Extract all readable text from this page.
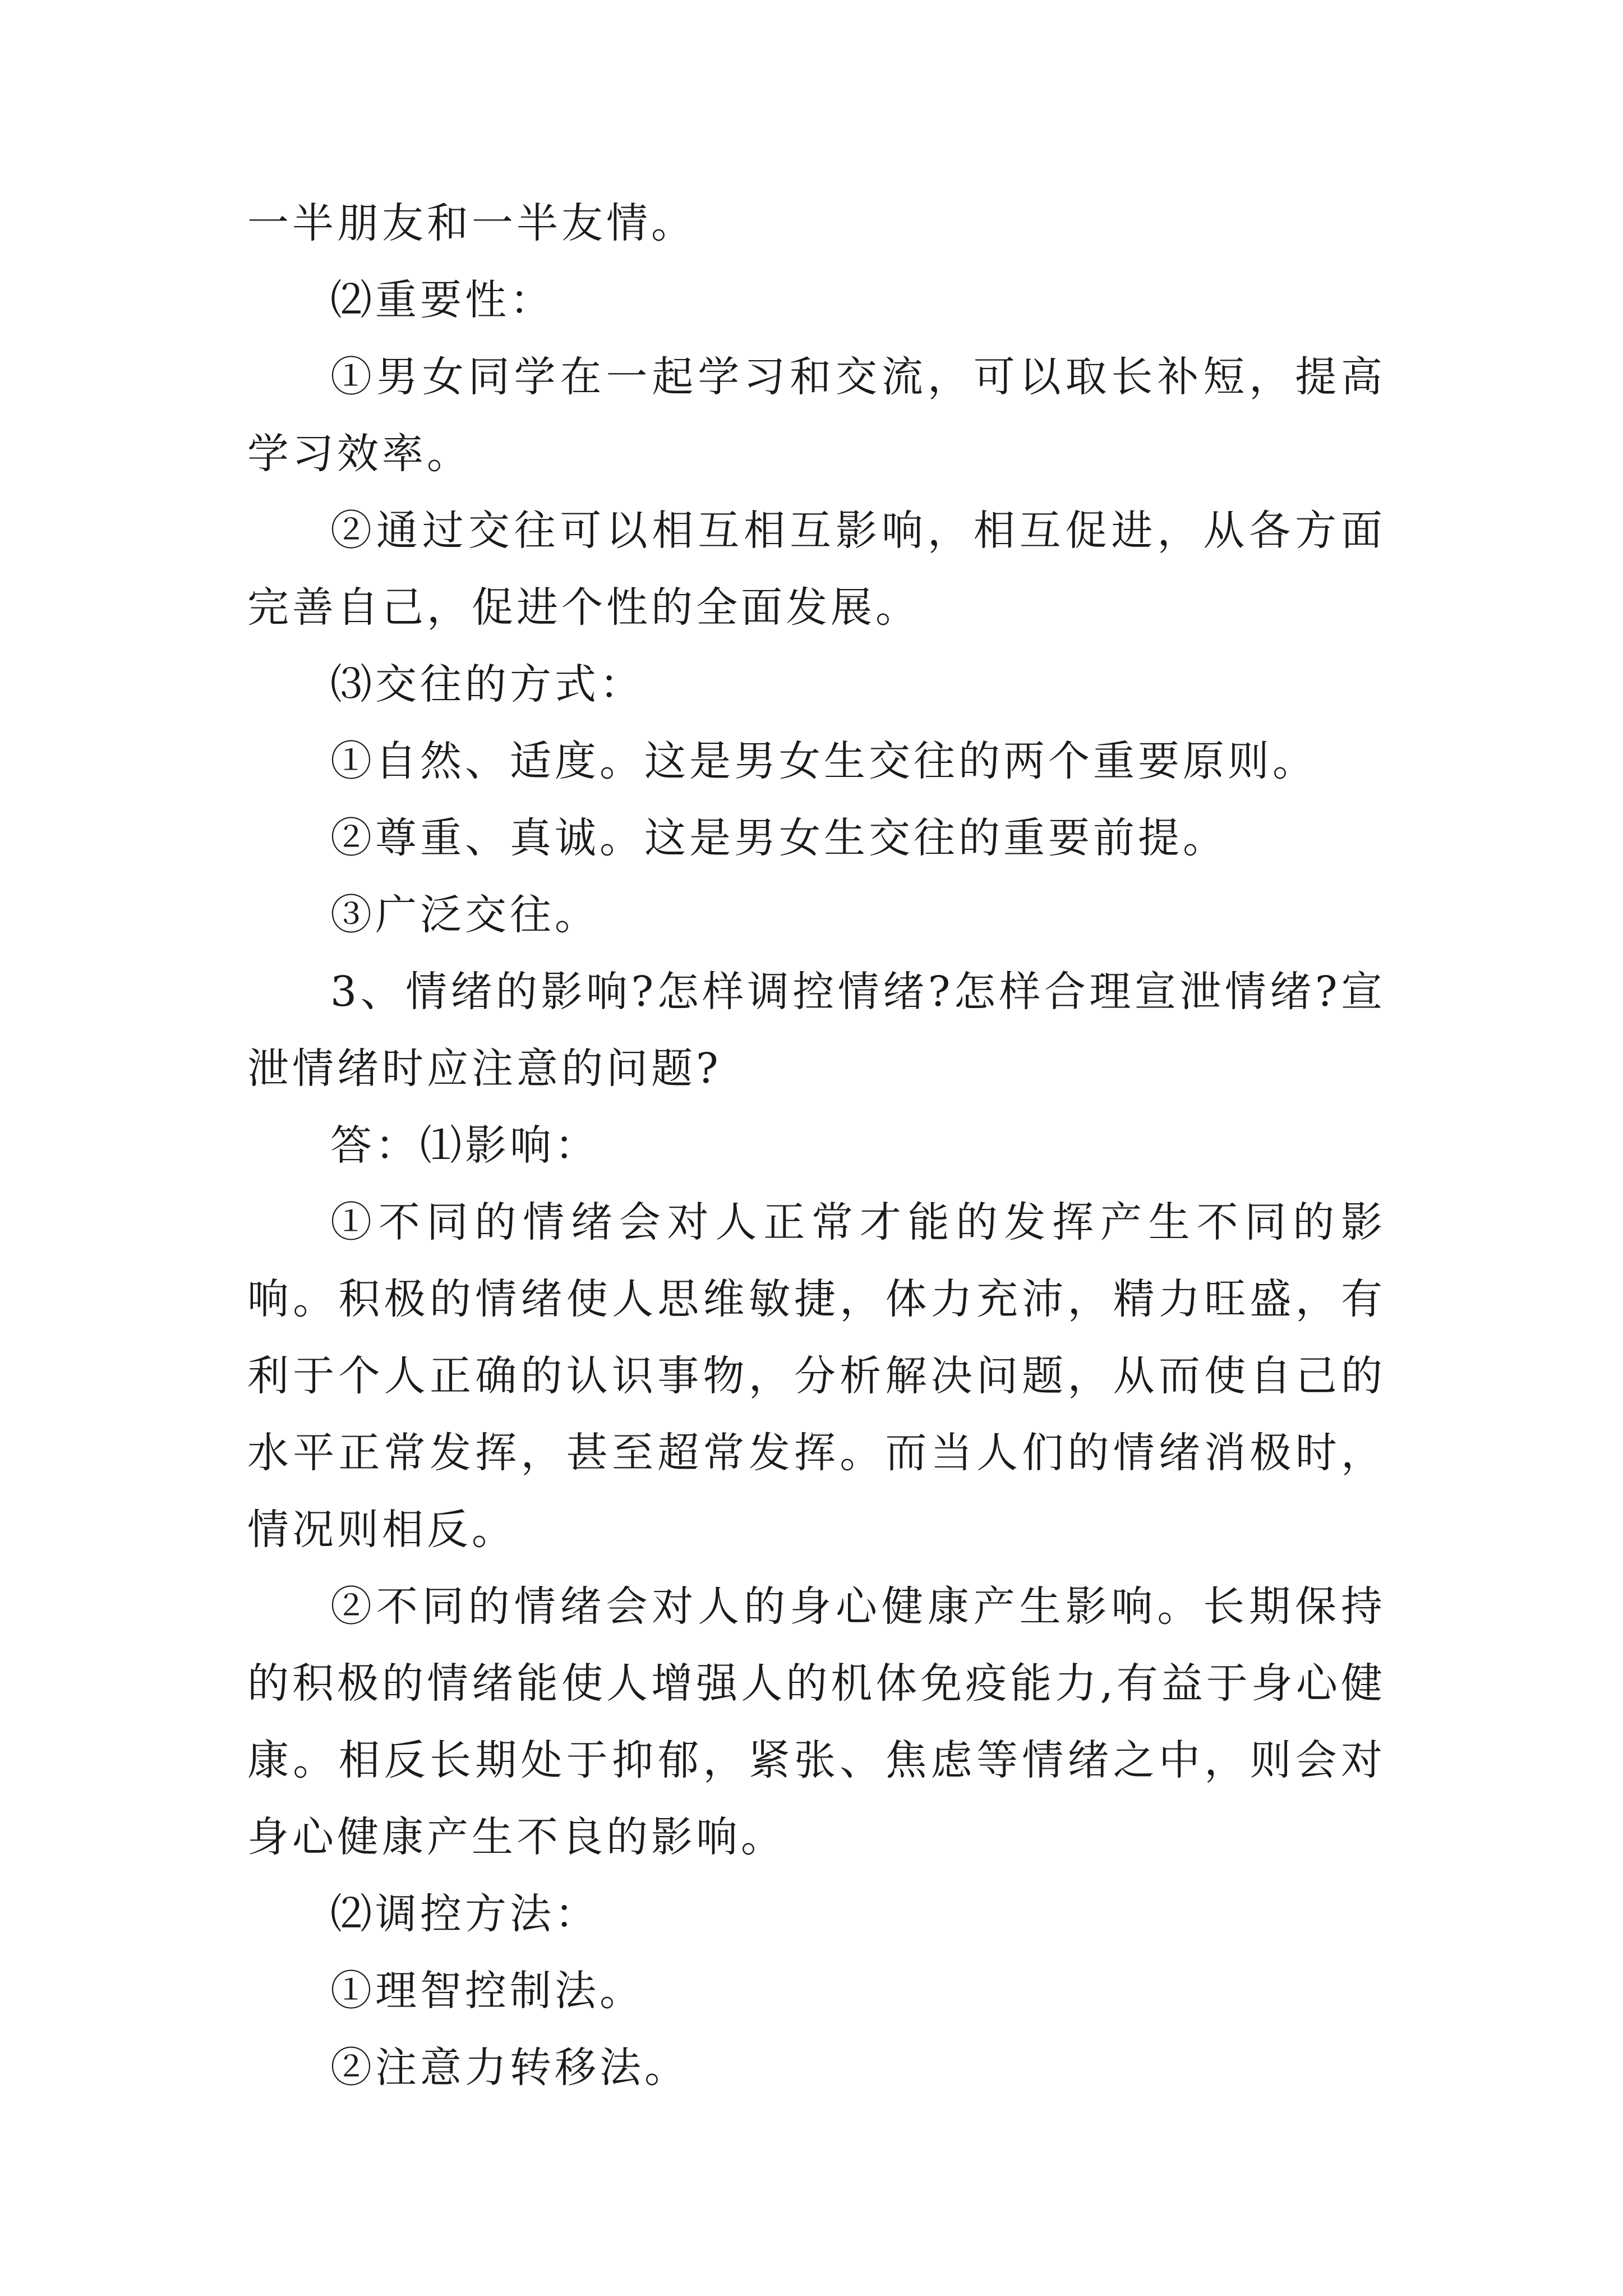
一半朋友和一半友情。

⑵重要性：

①男女同学在一起学习和交流，可以取长补短，提高学习效率。

②通过交往可以相互相互影响，相互促进，从各方面完善自己，促进个性的全面发展。

⑶交往的方式：

①自然、适度。这是男女生交往的两个重要原则。

②尊重、真诚。这是男女生交往的重要前提。

③广泛交往。

3、情绪的影响?怎样调控情绪?怎样合理宣泄情绪?宣泄情绪时应注意的问题?

答：⑴影响：

①不同的情绪会对人正常才能的发挥产生不同的影响。积极的情绪使人思维敏捷，体力充沛，精力旺盛，有利于个人正确的认识事物，分析解决问题，从而使自己的水平正常发挥，甚至超常发挥。而当人们的情绪消极时，情况则相反。

②不同的情绪会对人的身心健康产生影响。长期保持的积极的情绪能使人增强人的机体免疫能力,有益于身心健康。相反长期处于抑郁，紧张、焦虑等情绪之中，则会对身心健康产生不良的影响。

⑵调控方法：

①理智控制法。

②注意力转移法。
